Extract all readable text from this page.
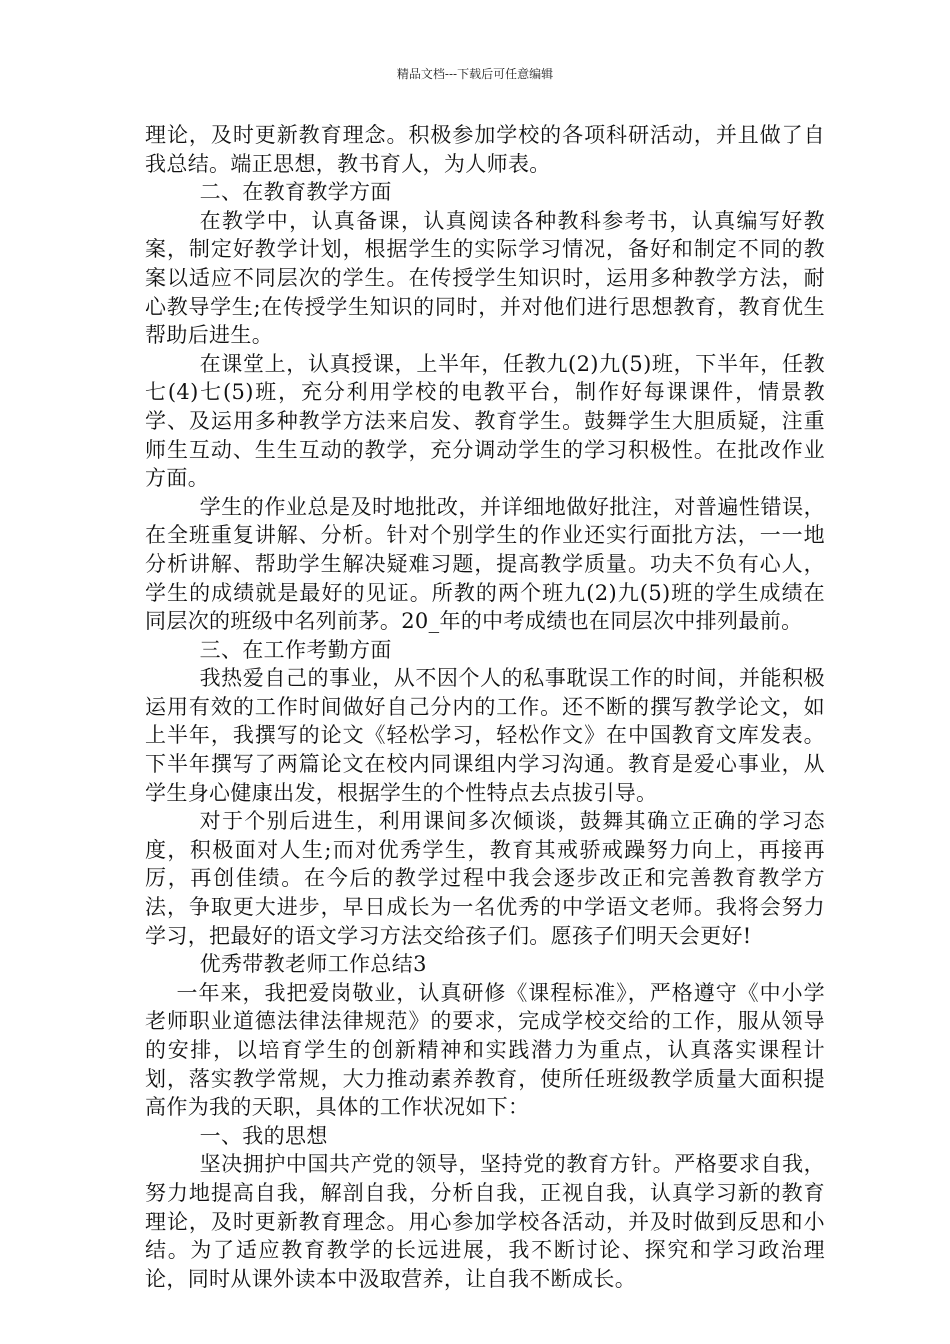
精品文档---下载后可任意编辑

理论，及时更新教育理念。积极参加学校的各项科研活动，并且做了自我总结。端正思想，教书育人，为人师表。

二、在教育教学方面

在教学中，认真备课，认真阅读各种教科参考书，认真编写好教案，制定好教学计划，根据学生的实际学习情况，备好和制定不同的教案以适应不同层次的学生。在传授学生知识时，运用多种教学方法，耐心教导学生;在传授学生知识的同时，并对他们进行思想教育，教育优生帮助后进生。

在课堂上，认真授课，上半年，任教九(2)九(5)班，下半年，任教七(4)七(5)班，充分利用学校的电教平台，制作好每课课件，情景教学、及运用多种教学方法来启发、教育学生。鼓舞学生大胆质疑，注重师生互动、生生互动的教学，充分调动学生的学习积极性。在批改作业方面。

学生的作业总是及时地批改，并详细地做好批注，对普遍性错误，在全班重复讲解、分析。针对个别学生的作业还实行面批方法，一一地分析讲解、帮助学生解决疑难习题，提高教学质量。功夫不负有心人，学生的成绩就是最好的见证。所教的两个班九(2)九(5)班的学生成绩在同层次的班级中名列前茅。20_年的中考成绩也在同层次中排列最前。

三、在工作考勤方面

我热爱自己的事业，从不因个人的私事耽误工作的时间，并能积极运用有效的工作时间做好自己分内的工作。还不断的撰写教学论文，如上半年，我撰写的论文《轻松学习，轻松作文》在中国教育文库发表。下半年撰写了两篇论文在校内同课组内学习沟通。教育是爱心事业，从学生身心健康出发，根据学生的个性特点去点拔引导。

对于个别后进生，利用课间多次倾谈，鼓舞其确立正确的学习态度，积极面对人生;而对优秀学生，教育其戒骄戒躁努力向上，再接再厉，再创佳绩。在今后的教学过程中我会逐步改正和完善教育教学方法，争取更大进步，早日成长为一名优秀的中学语文老师。我将会努力学习，把最好的语文学习方法交给孩子们。愿孩子们明天会更好!

优秀带教老师工作总结3

一年来，我把爱岗敬业，认真研修《课程标准》，严格遵守《中小学老师职业道德法律法律规范》的要求，完成学校交给的工作，服从领导的安排，以培育学生的创新精神和实践潜力为重点，认真落实课程计划，落实教学常规，大力推动素养教育，使所任班级教学质量大面积提高作为我的天职，具体的工作状况如下：

一、我的思想

坚决拥护中国共产党的领导，坚持党的教育方针。严格要求自我，努力地提高自我，解剖自我，分析自我，正视自我，认真学习新的教育理论，及时更新教育理念。用心参加学校各活动，并及时做到反思和小结。为了适应教育教学的长远进展，我不断讨论、探究和学习政治理论，同时从课外读本中汲取营养，让自我不断成长。
